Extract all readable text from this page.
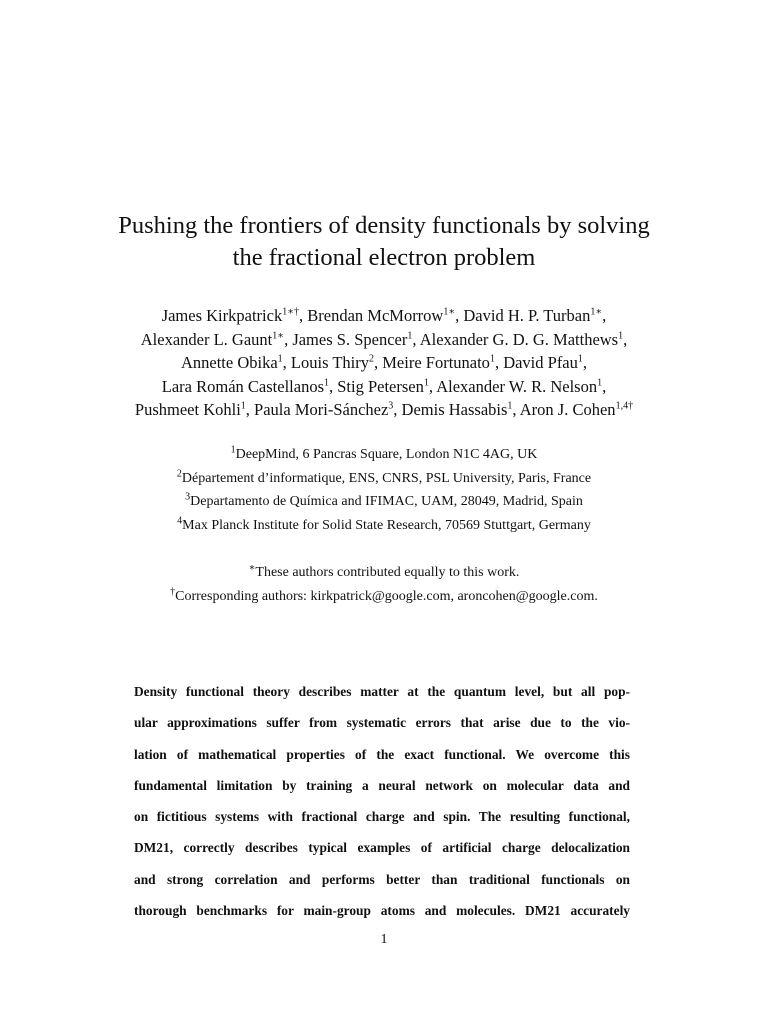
Pushing the frontiers of density functionals by solving
the fractional electron problem
James Kirkpatrick$^{1∗\dagger}$, Brendan McMorrow$^{1∗}$, David H. P. Turban$^{1∗}$,
Alexander L. Gaunt$^{1∗}$, James S. Spencer$^1$, Alexander G. D. G. Matthews$^1$,
Annette Obika$^1$, Louis Thiry$^2$, Meire Fortunato$^1$, David Pfau$^1$,
Lara Román Castellanos$^1$, Stig Petersen$^1$, Alexander W. R. Nelson$^1$,
Pushmeet Kohli$^1$, Paula Mori-Sánchez$^3$, Demis Hassabis$^1$, Aron J. Cohen$^{1,4\dagger}$
$^1$DeepMind, 6 Pancras Square, London N1C 4AG, UK
$^2$Département d’informatique, ENS, CNRS, PSL University, Paris, France
$^3$Departamento de Química and IFIMAC, UAM, 28049, Madrid, Spain
$^4$Max Planck Institute for Solid State Research, 70569 Stuttgart, Germany
∗These authors contributed equally to this work.
†Corresponding authors: kirkpatrick@google.com, aroncohen@google.com.
Density functional theory describes matter at the quantum level, but all pop-
ular approximations suffer from systematic errors that arise due to the vio-
lation of mathematical properties of the exact functional. We overcome this
fundamental limitation by training a neural network on molecular data and
on fictitious systems with fractional charge and spin. The resulting functional,
DM21, correctly describes typical examples of artificial charge delocalization
and strong correlation and performs better than traditional functionals on
thorough benchmarks for main-group atoms and molecules. DM21 accurately
1
